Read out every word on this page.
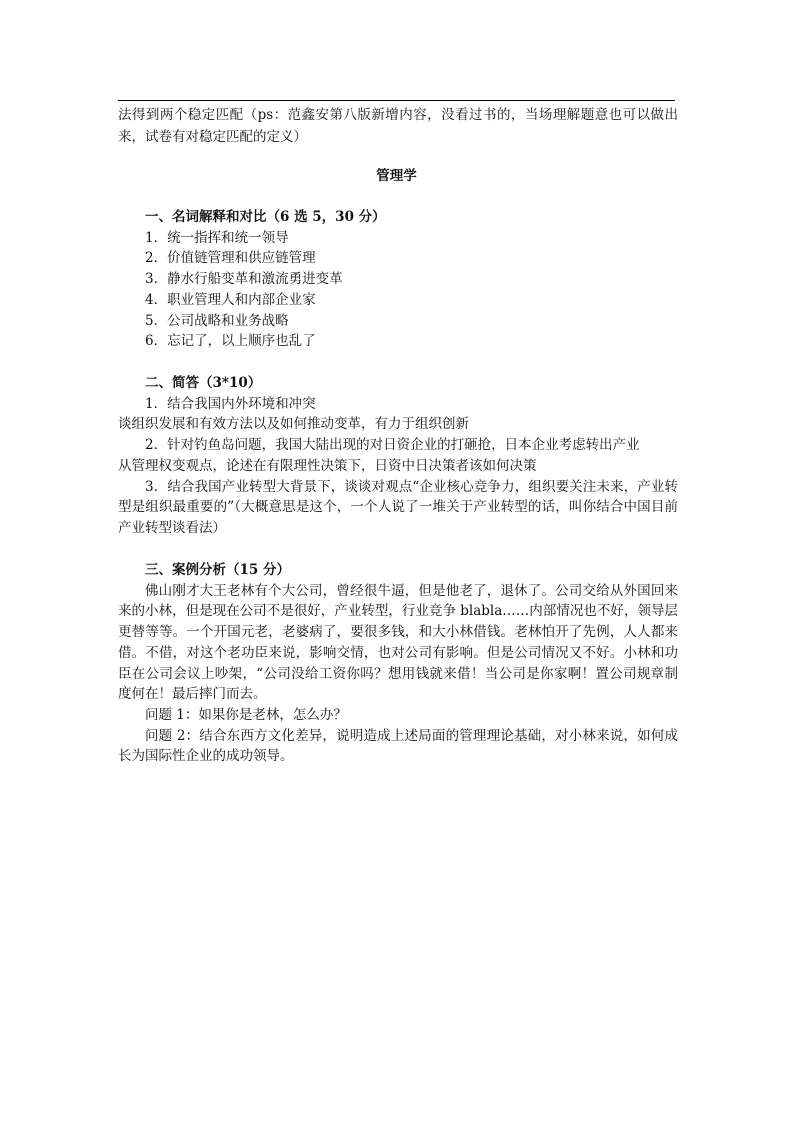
法得到两个稳定匹配（ps：范鑫安第八版新增内容，没看过书的，当场理解题意也可以做出来，试卷有对稳定匹配的定义）

管理学

一、名词解释和对比（6 选 5，30 分）

1．统一指挥和统一领导

2．价值链管理和供应链管理

3．静水行船变革和激流勇进变革

4．职业管理人和内部企业家

5．公司战略和业务战略

6．忘记了，以上顺序也乱了

二、简答（3*10）

1．结合我国内外环境和冲突

谈组织发展和有效方法以及如何推动变革，有力于组织创新

2．针对钓鱼岛问题，我国大陆出现的对日资企业的打砸抢，日本企业考虑转出产业

从管理权变观点，论述在有限理性决策下，日资中日决策者该如何决策

3．结合我国产业转型大背景下，谈谈对观点“企业核心竞争力，组织要关注未来，产业转型是组织最重要的”（大概意思是这个，一个人说了一堆关于产业转型的话，叫你结合中国目前产业转型谈看法）

三、案例分析（15 分）

佛山刚才大王老林有个大公司，曾经很牛逼，但是他老了，退休了。公司交给从外国回来来的小林，但是现在公司不是很好，产业转型，行业竞争 blabla……内部情况也不好，领导层更替等等。一个开国元老，老婆病了，要很多钱，和大小林借钱。老林怕开了先例，人人都来借。不借，对这个老功臣来说，影响交情，也对公司有影响。但是公司情况又不好。小林和功臣在公司会议上吵架，“公司没给工资你吗？想用钱就来借！当公司是你家啊！置公司规章制度何在！最后摔门而去。

问题 1：如果你是老林，怎么办？

问题 2：结合东西方文化差异，说明造成上述局面的管理理论基础，对小林来说，如何成长为国际性企业的成功领导。
